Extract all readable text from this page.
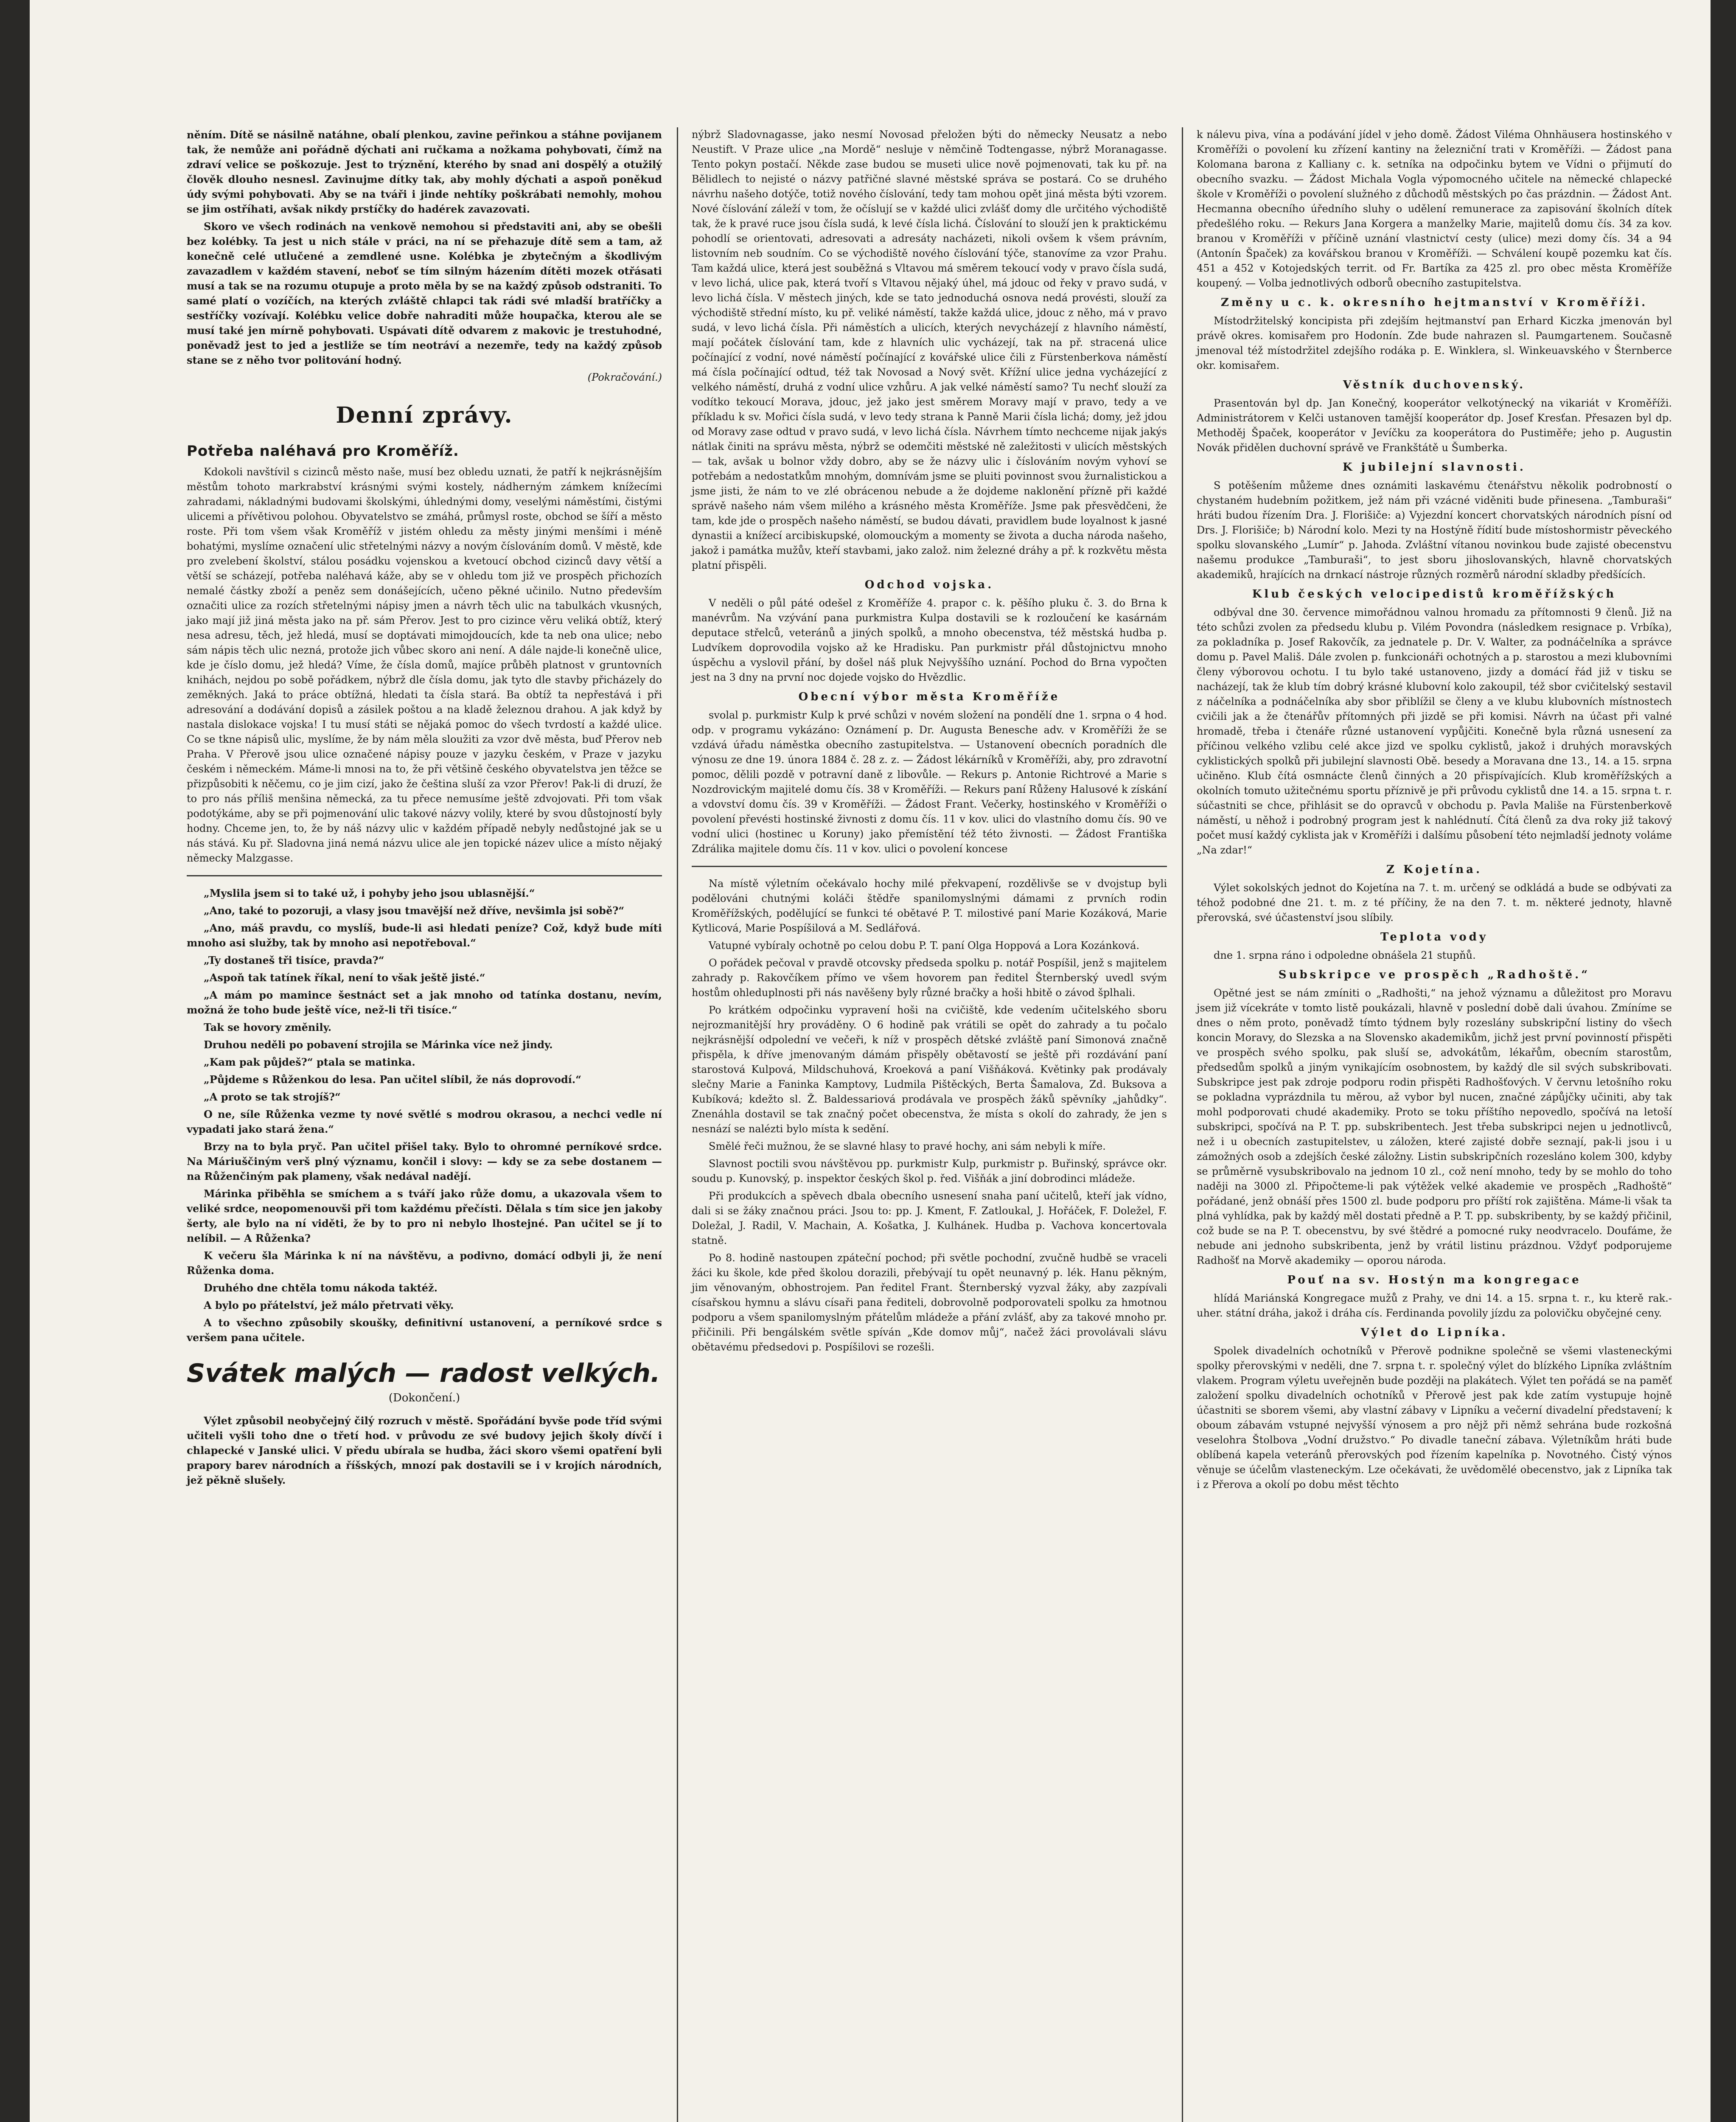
něním. Dítě se násilně natáhne, obalí plenkou, zavine peřinkou a stáhne povijanem tak, že nemůže ani pořádně dýchati ani ručkama a nožkama pohybovati, čímž na zdraví velice se poškozuje. Jest to trýznění, kterého by snad ani dospělý a otužilý člověk dlouho nesnesl. Zavinujme dítky tak, aby mohly dýchati a aspoň poněkud údy svými pohybovati. Aby se na tváři i jinde nehtíky poškrábati nemohly, mohou se jim ostříhati, avšak nikdy prstíčky do hadérek zavazovati.

Skoro ve všech rodinách na venkově nemohou si představiti ani, aby se obešli bez kolébky. Ta jest u nich stále v práci, na ní se přehazuje dítě sem a tam, až konečně celé utlučené a zemdlené usne. Kolébka je zbytečným a škodlivým zavazadlem v každém stavení, neboť se tím silným házením dítěti mozek otřásati musí a tak se na rozumu otupuje a proto měla by se na každý způsob odstraniti. To samé platí o vozíčích, na kterých zvláště chlapci tak rádi své mladší bratříčky a sestříčky vozívají. Kolébku velice dobře nahraditi může houpačka, kterou ale se musí také jen mírně pohybovati. Uspávati dítě odvarem z makovic je trestuhodné, poněvadž jest to jed a jestliže se tím neotráví a nezemře, tedy na každý způsob stane se z něho tvor politování hodný.

(Pokračování.)
Denní zprávy.
Potřeba naléhavá pro Kroměříž.

Kdokoli navštívil s cizinců město naše, musí bez obledu uznati, že patří k nejkrásnějším městům tohoto markrabství krásnými svými kostely, nádherným zámkem knížecími zahradami, nákladnými budovami školskými, úhlednými domy, veselými náměstími, čistými ulicemi a přívětivou polohou. Obyvatelstvo se zmáhá, průmysl roste, obchod se šíří a město roste. Při tom všem však Kroměříž v jistém ohledu za městy jinými menšími i méně bohatými, myslíme označení ulic střetelnými názvy a novým číslováním domů. V městě, kde pro zvelebení školství, stálou posádku vojenskou a kvetoucí obchod cizinců davy větší a větší se scházejí, potřeba naléhavá káže, aby se v ohledu tom již ve prospěch přichozích nemalé částky zboží a peněz sem donášejících, učeno pěkné učinilo. Nutno především označiti ulice za rozích střetelnými nápisy jmen a návrh těch ulic na tabulkách vkusných, jako mají již jiná města jako na př. sám Přerov. Jest to pro cizince věru veliká obtíž, který nesa adresu, těch, jež hledá, musí se doptávati mimojdoucích, kde ta neb ona ulice; nebo sám nápis těch ulic nezná, protože jich vůbec skoro ani není. A dále najde-li konečně ulice, kde je číslo domu, jež hledá? Víme, že čísla domů, majíce průběh platnost v gruntovních knihách, nejdou po sobě pořádkem, nýbrž dle čísla domu, jak tyto dle stavby přicházely do zeměkných. Jaká to práce obtížná, hledati ta čísla stará. Ba obtíž ta nepřestává i při adresování a dodávání dopisů a zásilek poštou a na kladě železnou drahou. A jak když by nastala dislokace vojska! I tu musí státi se nějaká pomoc do všech tvrdostí a každé ulice. Co se tkne nápisů ulic, myslíme, že by nám měla sloužiti za vzor dvě města, buď Přerov neb Praha. V Přerově jsou ulice označené nápisy pouze v jazyku českém, v Praze v jazyku českém i německém. Máme-li mnosi na to, že při většině českého obyvatelstva jen těžce se přizpůsobiti k něčemu, co je jim cizí, jako že čeština sluší za vzor Přerov! Pak-li di druzí, že to pro nás příliš menšina německá, za tu přece nemusíme ještě zdvojovati. Při tom však podotýkáme, aby se při pojmenování ulic takové názvy volily, které by svou důstojností byly hodny. Chceme jen, to, že by náš názvy ulic v každém případě nebyly nedůstojné jak se u nás stává. Ku př. Sladovna jiná nemá názvu ulice ale jen topické název ulice a místo nějaký německy Malzgasse.

„Myslila jsem si to také už, i pohyby jeho jsou ublasnější.“

„Ano, také to pozoruji, a vlasy jsou tmavější než dříve, nevšimla jsi sobě?“

„Ano, máš pravdu, co myslíš, bude-li asi hledati peníze? Což, když bude míti mnoho asi služby, tak by mnoho asi nepotřeboval.“

„Ty dostaneš tři tisíce, pravda?“

„Aspoň tak tatínek říkal, není to však ještě jisté.“

„A mám po mamince šestnáct set a jak mnoho od tatínka dostanu, nevím, možná že toho bude ještě více, než-li tři tisíce.“

Tak se hovory změnily.

Druhou neděli po pobavení strojila se Márinka více než jindy.

„Kam pak půjdeš?“ ptala se matinka.

„Půjdeme s Růženkou do lesa. Pan učitel slíbil, že nás doprovodí.“

„A proto se tak strojíš?“

O ne, síle Růženka vezme ty nové světlé s modrou okrasou, a nechci vedle ní vypadati jako stará žena.“

Brzy na to byla pryč. Pan učitel přišel taky. Bylo to ohromné perníkové srdce. Na Máriuščiným verš plný významu, končil i slovy: — kdy se za sebe dostanem — na Růženčiným pak plameny, však nedával nadějí.

Márinka přiběhla se smíchem a s tváří jako růže domu, a ukazovala všem to veliké srdce, neopomenouvši při tom každému přečísti. Dělala s tím sice jen jakoby šerty, ale bylo na ní viděti, že by to pro ni nebylo lhostejné. Pan učitel se jí to nelíbil. — A Růženka?

K večeru šla Márinka k ní na návštěvu, a podivno, domácí odbyli ji, že není Růženka doma.

Druhého dne chtěla tomu nákoda taktéž.

A bylo po přátelství, jež málo přetrvati věky.

A to všechno způsobily skoušky, definitivní ustanovení, a perníkové srdce s veršem pana učitele.

Svátek malých — radost velkých.
(Dokončení.)

Výlet způsobil neobyčejný čilý rozruch v městě. Spořádání byvše pode tříd svými učiteli vyšli toho dne o třetí hod. v průvodu ze své budovy jejich školy dívčí i chlapecké v Janské ulici. V předu ubírala se hudba, žáci skoro všemi opatření byli prapory barev národních a říšských, mnozí pak dostavili se i v krojích národních, jež pěkně slušely.

nýbrž Sladovnagasse, jako nesmí Novosad přeložen býti do německy Neusatz a nebo Neustift. V Praze ulice „na Mordě“ nesluje v němčině Todtengasse, nýbrž Moranagasse. Tento pokyn postačí. Někde zase budou se museti ulice nově pojmenovati, tak ku př. na Bělidlech to nejisté o názvy patřičné slavné městské správa se postará. Co se druhého návrhu našeho dotýče, totiž nového číslování, tedy tam mohou opět jiná města býti vzorem. Nové číslování záleží v tom, že očíslují se v každé ulici zvlášť domy dle určitého východiště tak, že k pravé ruce jsou čísla sudá, k levé čísla lichá. Číslování to slouží jen k praktickému pohodlí se orientovati, adresovati a adresáty nacházeti, nikoli ovšem k všem právním, listovním neb soudním. Co se východiště nového číslování týče, stanovíme za vzor Prahu. Tam každá ulice, která jest souběžná s Vltavou má směrem tekoucí vody v pravo čísla sudá, v levo lichá, ulice pak, která tvoří s Vltavou nějaký úhel, má jdouc od řeky v pravo sudá, v levo lichá čísla. V městech jiných, kde se tato jednoduchá osnova nedá provésti, slouží za východiště střední místo, ku př. veliké náměstí, takže každá ulice, jdouc z něho, má v pravo sudá, v levo lichá čísla. Při náměstích a ulicích, kterých nevycházejí z hlavního náměstí, mají počátek číslování tam, kde z hlavních ulic vycházejí, tak na př. stracená ulice počínající z vodní, nové náměstí počínající z kovářské ulice čili z Fürstenberkova náměstí má čísla počínající odtud, též tak Novosad a Nový svět. Křížní ulice jedna vycházející z velkého náměstí, druhá z vodní ulice vzhůru. A jak velké náměstí samo? Tu nechť slouží za vodítko tekoucí Morava, jdouc, jež jako jest směrem Moravy mají v pravo, tedy a ve příkladu k sv. Mořici čísla sudá, v levo tedy strana k Panně Marii čísla lichá; domy, jež jdou od Moravy zase odtud v pravo sudá, v levo lichá čísla. Návrhem tímto nechceme nijak jakýs nátlak činiti na správu města, nýbrž se odemčiti městské ně zaležitosti v ulicích městských — tak, avšak u bolnor vždy dobro, aby se že názvy ulic i číslováním novým vyhoví se potřebám a nedostatkům mnohým, domnívám jsme se pluiti povinnost svou žurnalistickou a jsme jisti, že nám to ve zlé obrácenou nebude a že dojdeme naklonění přízně při každé správě našeho nám všem milého a krásného města Kroměříže. Jsme pak přesvědčeni, že tam, kde jde o prospěch našeho náměstí, se budou dávati, pravidlem bude loyalnost k jasné dynastii a knížecí arcibiskupské, olomouckým a momenty se života a ducha národa našeho, jakož i památka mužův, kteří stavbami, jako založ. nim železné dráhy a př. k rozkvětu města platní přispěli.

Odchod vojska.

V neděli o půl páté odešel z Kroměříže 4. prapor c. k. pěšího pluku č. 3. do Brna k manévrům. Na vzývání pana purkmistra Kulpa dostavili se k rozloučení ke kasárnám deputace střelců, veteránů a jiných spolků, a mnoho obecenstva, též městská hudba p. Ludvíkem doprovodila vojsko až ke Hradisku. Pan purkmistr přál důstojnictvu mnoho úspěchu a vyslovil přání, by došel náš pluk Nejvyššího uznání. Pochod do Brna vypočten jest na 3 dny na první noc dojede vojsko do Hvězdlic.

Obecní výbor města Kroměříže

svolal p. purkmistr Kulp k prvé schůzi v novém složení na pondělí dne 1. srpna o 4 hod. odp. v programu vykázáno: Oznámení p. Dr. Augusta Benesche adv. v Kroměříži že se vzdává úřadu náměstka obecního zastupitelstva. — Ustanovení obecních poradních dle výnosu ze dne 19. února 1884 č. 28 z. z. — Žádost lékárníků v Kroměříži, aby, pro zdravotní pomoc, dělili pozdě v potravní daně z libovůle. — Rekurs p. Antonie Richtrové a Marie s Nozdrovickým majitelé domu čís. 38 v Kroměříži. — Rekurs paní Růženy Halusové k získání a vdovství domu čís. 39 v Kroměříži. — Žádost Frant. Večerky, hostinského v Kroměříži o povolení převésti hostinské živnosti z domu čís. 11 v kov. ulici do vlastního domu čís. 90 ve vodní ulici (hostinec u Koruny) jako přemístění též této živnosti. — Žádost Františka Zdrálika majitele domu čís. 11 v kov. ulici o povolení koncese

Na místě výletním očekávalo hochy milé překvapení, rozdělivše se v dvojstup byli podělováni chutnými koláči štědře spanilomyslnými dámami z prvních rodin Kroměřížských, podělující se funkci té obětavé P. T. milostivé paní Marie Kozáková, Marie Kytlicová, Marie Pospíšilová a M. Sedlářová.

Vatupné vybíraly ochotně po celou dobu P. T. paní Olga Hoppová a Lora Kozánková.

O pořádek pečoval v pravdě otcovsky předseda spolku p. notář Pospíšil, jenž s majitelem zahrady p. Rakovčíkem přímo ve všem hovorem pan ředitel Šternberský uvedl svým hostům ohleduplnosti při nás navěšeny byly různé bračky a hoši hbitě o závod šplhali.

Po krátkém odpočinku vypravení hoši na cvičiště, kde vedením učitelského sboru nejrozmanitější hry prováděny. O 6 hodině pak vrátili se opět do zahrady a tu počalo nejkrásnější odpolední ve večeři, k níž v prospěch dětské zvláště paní Simonová značně přispěla, k dříve jmenovaným dámám přispěly obětavostí se ještě při rozdávání paní starostová Kulpová, Mildschuhová, Kroeková a paní Višňáková. Květinky pak prodávaly slečny Marie a Faninka Kamptovy, Ludmila Pištěckých, Berta Šamalova, Zd. Buksova a Kubíková; kdežto sl. Ž. Baldessariová prodávala ve prospěch žáků spěvníky „jahůdky“. Znenáhla dostavil se tak značný počet obecenstva, že místa s okolí do zahrady, že jen s nesnází se nalézti bylo místa k sedění.

Smělé řeči mužnou, že se slavné hlasy to pravé hochy, ani sám nebyli k míře.

Slavnost poctili svou návštěvou pp. purkmistr Kulp, purkmistr p. Buřinský, správce okr. soudu p. Kunovský, p. inspektor českých škol p. řed. Višňák a jiní dobrodinci mládeže.

Při produkcích a spěvech dbala obecního usnesení snaha paní učitelů, kteří jak vídno, dali si se žáky značnou práci. Jsou to: pp. J. Kment, F. Zatloukal, J. Hořáček, F. Doležel, F. Doležal, J. Radil, V. Machain, A. Košatka, J. Kulhánek. Hudba p. Vachova koncertovala statně.

Po 8. hodině nastoupen zpáteční pochod; při světle pochodní, zvučně hudbě se vraceli žáci ku škole, kde před školou dorazili, přebývají tu opět neunavný p. lék. Hanu pěkným, jim věnovaným, obhostrojem. Pan ředitel Frant. Šternberský vyzval žáky, aby zazpívali císařskou hymnu a slávu císaři pana řediteli, dobrovolně podporovateli spolku za hmotnou podporu a všem spanilomyslným přátelům mládeže a přání zvlášť, aby za takové mnoho pr. přičinili. Při bengálském světle spíván „Kde domov můj“, načež žáci provolávali slávu obětavému předsedovi p. Pospíšilovi se rozešli.

k nálevu piva, vína a podávání jídel v jeho domě. Žádost Viléma Ohnhäusera hostinského v Kroměříži o povolení ku zřízení kantiny na železniční trati v Kroměříži. — Žádost pana Kolomana barona z Kalliany c. k. setníka na odpočinku bytem ve Vídni o přijmutí do obecního svazku. — Žádost Michala Vogla výpomocného učitele na německé chlapecké škole v Kroměříži o povolení služného z důchodů městských po čas prázdnin. — Žádost Ant. Hecmanna obecního úředního sluhy o udělení remunerace za zapisování školních dítek předešlého roku. — Rekurs Jana Korgera a manželky Marie, majitelů domu čís. 34 za kov. branou v Kroměříži v příčině uznání vlastnictví cesty (ulice) mezi domy čís. 34 a 94 (Antonín Špaček) za kovářskou branou v Kroměříži. — Schválení koupě pozemku kat čís. 451 a 452 v Kotojedských territ. od Fr. Bartíka za 425 zl. pro obec města Kroměříže koupený. — Volba jednotlivých odborů obecního zastupitelstva.

Změny u c. k. okresního hejtmanství v Kroměříži.

Místodržitelský koncipista při zdejším hejtmanství pan Erhard Kiczka jmenován byl právě okres. komisařem pro Hodonín. Zde bude nahrazen sl. Paumgartenem. Současně jmenoval též místodržitel zdejšího rodáka p. E. Winklera, sl. Winkeuavského v Šternberce okr. komisařem.

Věstník duchovenský.

Prasentován byl dp. Jan Konečný, kooperátor velkotýnecký na vikariát v Kroměříži. Administrátorem v Kelči ustanoven tamější kooperátor dp. Josef Kresťan. Přesazen byl dp. Methoděj Špaček, kooperátor v Jevíčku za kooperátora do Pustiměře; jeho p. Augustin Novák přidělen duchovní správě ve Frankštátě u Šumberka.

K jubilejní slavnosti.

S potěšením můžeme dnes oznámiti laskavému čtenářstvu několik podrobností o chystaném hudebním požitkem, jež nám při vzácné viděniti bude přinesena. „Tamburaši“ hráti budou řízením Dra. J. Florišiče: a) Vyjezdní koncert chorvatských národních písní od Drs. J. Florišiče; b) Národní kolo. Mezi ty na Hostýně řídití bude místoshormistr pěveckého spolku slovanského „Lumír“ p. Jahoda. Zvláštní vítanou novinkou bude zajisté obecenstvu našemu produkce „Tamburaši“, to jest sboru jihoslovanských, hlavně chorvatských akademiků, hrajících na drnkací nástroje různých rozměrů národní skladby předšících.

Klub českých velocipedistů kroměřížských

odbýval dne 30. července mimořádnou valnou hromadu za přítomnosti 9 členů. Již na této schůzi zvolen za předsedu klubu p. Vilém Povondra (následkem resignace p. Vrbíka), za pokladníka p. Josef Rakovčík, za jednatele p. Dr. V. Walter, za podnáčelníka a správce domu p. Pavel Mališ. Dále zvolen p. funkcionáři ochotných a p. starostou a mezi klubovními členy výborovou ochotu. I tu bylo také ustanoveno, jizdy a domácí řád již v tisku se nacházejí, tak že klub tím dobrý krásné klubovní kolo zakoupil, též sbor cvičitelský sestavil z náčelníka a podnáčelníka aby sbor přiblížil se členy a ve klubu klubovních místnostech cvičili jak a že čtenářův přítomných při jizdě se při komisi. Návrh na účast při valné hromadě, třeba i čtenáře různé ustanovení vypůjčiti. Konečně byla různá usnesení za příčinou velkého vzlibu celé akce jizd ve spolku cyklistů, jakož i druhých moravských cyklistických spolků při jubilejní slavnosti Obě. besedy a Moravana dne 13., 14. a 15. srpna učiněno. Klub čítá osmnácte členů činných a 20 přispívajících. Klub kroměřížských a okolních tomuto užitečnému sportu příznivě je při průvodu cyklistů dne 14. a 15. srpna t. r. súčastniti se chce, přihlásit se do opravců v obchodu p. Pavla Mališe na Fürstenberkově náměstí, u něhož i podrobný program jest k nahlédnutí. Čítá členů za dva roky již takový počet musí každý cyklista jak v Kroměříži i dalšímu působení této nejmladší jednoty voláme „Na zdar!“

Z Kojetína.

Výlet sokolských jednot do Kojetína na 7. t. m. určený se odkládá a bude se odbývati za téhož podobné dne 21. t. m. z té příčiny, že na den 7. t. m. některé jednoty, hlavně přerovská, své účastenství jsou slíbily.

Teplota vody

dne 1. srpna ráno i odpoledne obnášela 21 stupňů.

Subskripce ve prospěch „Radhoště.“

Opětné jest se nám zmíniti o „Radhošti,“ na jehož významu a důležitost pro Moravu jsem již vícekráte v tomto listě poukázali, hlavně v poslední době dali úvahou. Zmíníme se dnes o něm proto, poněvadž tímto týdnem byly rozeslány subskripční listiny do všech koncin Moravy, do Slezska a na Slovensko akademikům, jichž jest první povinností přispěti ve prospěch svého spolku, pak sluší se, advokátům, lékařům, obecním starostům, předsedům spolků a jiným vynikajícím osobnostem, by každý dle sil svých subskribovati. Subskripce jest pak zdroje podporu rodin přispěti Radhošťových. V červnu letošního roku se pokladna vyprázdnila tu měrou, až vybor byl nucen, značné zápůjčky učiniti, aby tak mohl podporovati chudé akademiky. Proto se toku příštího nepovedlo, spočívá na letoší subskripci, spočívá na P. T. pp. subskribentech. Jest třeba subskripci nejen u jednotlivců, než i u obecních zastupitelstev, u záložen, které zajisté dobře seznají, pak-li jsou i u zámožných osob a zdejších české záložny. Listin subskripčních rozesláno kolem 300, kdyby se průměrně vysubskribovalo na jednom 10 zl., což není mnoho, tedy by se mohlo do toho naději na 3000 zl. Připočteme-li pak výtěžek velké akademie ve prospěch „Radhoště“ pořádané, jenž obnáší přes 1500 zl. bude podporu pro příští rok zajištěna. Máme-li však ta plná vyhlídka, pak by každý měl dostati předně a P. T. pp. subskribenty, by se každý přičinil, což bude se na P. T. obecenstvu, by své štědré a pomocné ruky neodvracelo. Doufáme, že nebude ani jednoho subskribenta, jenž by vrátil listinu prázdnou. Vždyť podporujeme Radhošť na Morvě akademiky — oporou národa.

Pouť na sv. Hostýn ma kongregace

hlídá Mariánská Kongregace mužů z Prahy, ve dni 14. a 15. srpna t. r., ku kterě rak.-uher. státní dráha, jakož i dráha cís. Ferdinanda povolily jízdu za polovičku obyčejné ceny.

Výlet do Lipníka.

Spolek divadelních ochotníků v Přerově podnikne společně se všemi vlasteneckými spolky přerovskými v neděli, dne 7. srpna t. r. společný výlet do blízkého Lipníka zvláštním vlakem. Program výletu uveřejněn bude později na plakátech. Výlet ten pořádá se na paměť založení spolku divadelních ochotníků v Přerově jest pak kde zatím vystupuje hojně účastniti se sborem všemi, aby vlastní zábavy v Lipníku a večerní divadelní představení; k oboum zábavám vstupné nejvyšší výnosem a pro nějž při němž sehrána bude rozkošná veselohra Štolbova „Vodní družstvo.“ Po divadle taneční zábava. Výletníkům hráti bude oblíbená kapela veteránů přerovských pod řízením kapelníka p. Novotného. Čistý výnos věnuje se účelům vlasteneckým. Lze očekávati, že uvědomělé obecenstvo, jak z Lipníka tak i z Přerova a okolí po dobu měst těchto
